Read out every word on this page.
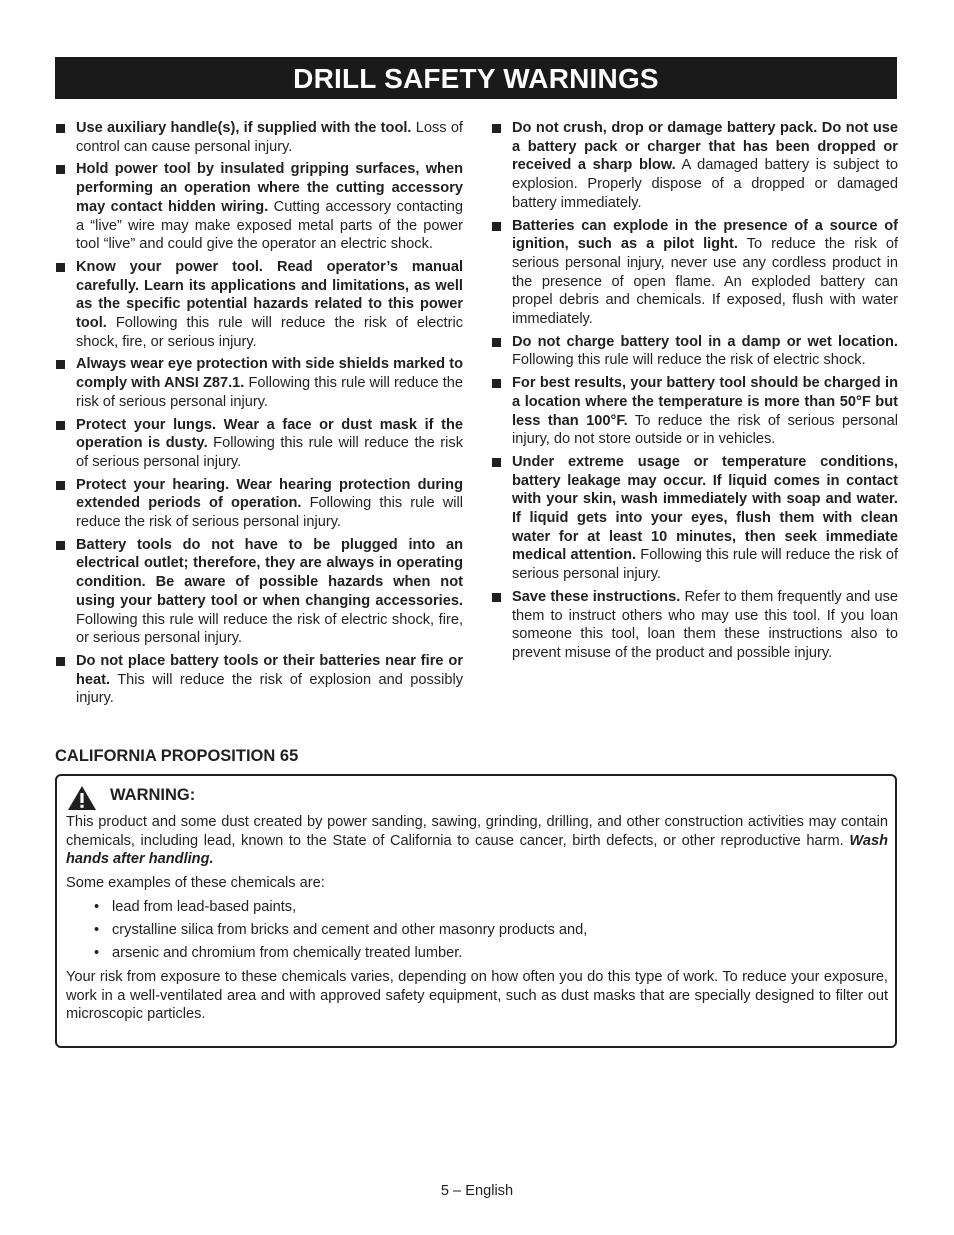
DRILL SAFETY WARNINGS
Use auxiliary handle(s), if supplied with the tool. Loss of control can cause personal injury.
Hold power tool by insulated gripping surfaces, when performing an operation where the cutting accessory may contact hidden wiring. Cutting accessory contacting a “live” wire may make exposed metal parts of the power tool “live” and could give the operator an electric shock.
Know your power tool. Read operator’s manual carefully. Learn its applications and limitations, as well as the specific potential hazards related to this power tool. Following this rule will reduce the risk of electric shock, fire, or serious injury.
Always wear eye protection with side shields marked to comply with ANSI Z87.1. Following this rule will reduce the risk of serious personal injury.
Protect your lungs. Wear a face or dust mask if the operation is dusty. Following this rule will reduce the risk of serious personal injury.
Protect your hearing. Wear hearing protection during extended periods of operation. Following this rule will reduce the risk of serious personal injury.
Battery tools do not have to be plugged into an electrical outlet; therefore, they are always in operating condition. Be aware of possible hazards when not using your battery tool or when changing accessories. Following this rule will reduce the risk of electric shock, fire, or serious personal injury.
Do not place battery tools or their batteries near fire or heat. This will reduce the risk of explosion and possibly injury.
Do not crush, drop or damage battery pack. Do not use a battery pack or charger that has been dropped or received a sharp blow. A damaged battery is subject to explosion. Properly dispose of a dropped or damaged battery immediately.
Batteries can explode in the presence of a source of ignition, such as a pilot light. To reduce the risk of serious personal injury, never use any cordless product in the presence of open flame. An exploded battery can propel debris and chemicals. If exposed, flush with water immediately.
Do not charge battery tool in a damp or wet location. Following this rule will reduce the risk of electric shock.
For best results, your battery tool should be charged in a location where the temperature is more than 50°F but less than 100°F. To reduce the risk of serious personal injury, do not store outside or in vehicles.
Under extreme usage or temperature conditions, battery leakage may occur. If liquid comes in contact with your skin, wash immediately with soap and water. If liquid gets into your eyes, flush them with clean water for at least 10 minutes, then seek immediate medical attention. Following this rule will reduce the risk of serious personal injury.
Save these instructions. Refer to them frequently and use them to instruct others who may use this tool. If you loan someone this tool, loan them these instructions also to prevent misuse of the product and possible injury.
CALIFORNIA PROPOSITION 65
WARNING:

This product and some dust created by power sanding, sawing, grinding, drilling, and other construction activities may contain chemicals, including lead, known to the State of California to cause cancer, birth defects, or other reproductive harm. Wash hands after handling.

Some examples of these chemicals are:

• lead from lead-based paints,
• crystalline silica from bricks and cement and other masonry products and,
• arsenic and chromium from chemically treated lumber.

Your risk from exposure to these chemicals varies, depending on how often you do this type of work. To reduce your exposure, work in a well-ventilated area and with approved safety equipment, such as dust masks that are specially designed to filter out microscopic particles.

5 – English
